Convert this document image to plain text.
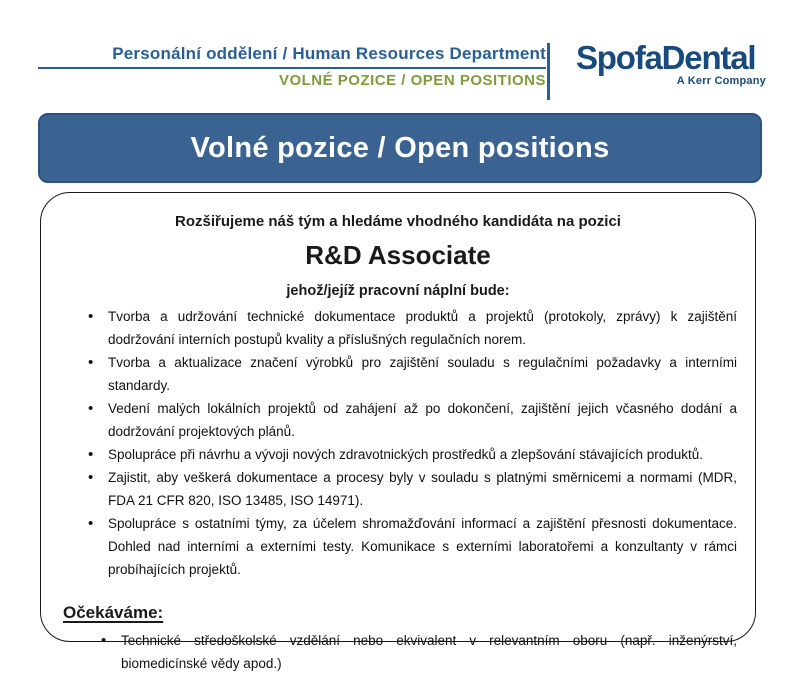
Personální oddělení / Human Resources Department
VOLNÉ POZICE / OPEN POSITIONS
SpofaDental
A Kerr Company
Volné pozice / Open positions
Rozšiřujeme náš tým a hledáme vhodného kandidáta na pozici
R&D Associate
jehož/jejíž pracovní náplní bude:
• Tvorba a udržování technické dokumentace produktů a projektů (protokoly, zprávy) k zajištění dodržování interních postupů kvality a příslušných regulačních norem.
• Tvorba a aktualizace značení výrobků pro zajištění souladu s regulačními požadavky a interními standardy.
• Vedení malých lokálních projektů od zahájení až po dokončení, zajištění jejich včasného dodání a dodržování projektových plánů.
• Spolupráce při návrhu a vývoji nových zdravotnických prostředků a zlepšování stávajících produktů.
• Zajistit, aby veškerá dokumentace a procesy byly v souladu s platnými směrnicemi a normami (MDR, FDA 21 CFR 820, ISO 13485, ISO 14971).
• Spolupráce s ostatními týmy, za účelem shromažďování informací a zajištění přesnosti dokumentace. Dohled nad interními a externími testy. Komunikace s externími laboratořemi a konzultanty v rámci probíhajících projektů.
Očekáváme:
• Technické středoškolské vzdělání nebo ekvivalent v relevantním oboru (např. inženýrství, biomedicínské vědy apod.)
